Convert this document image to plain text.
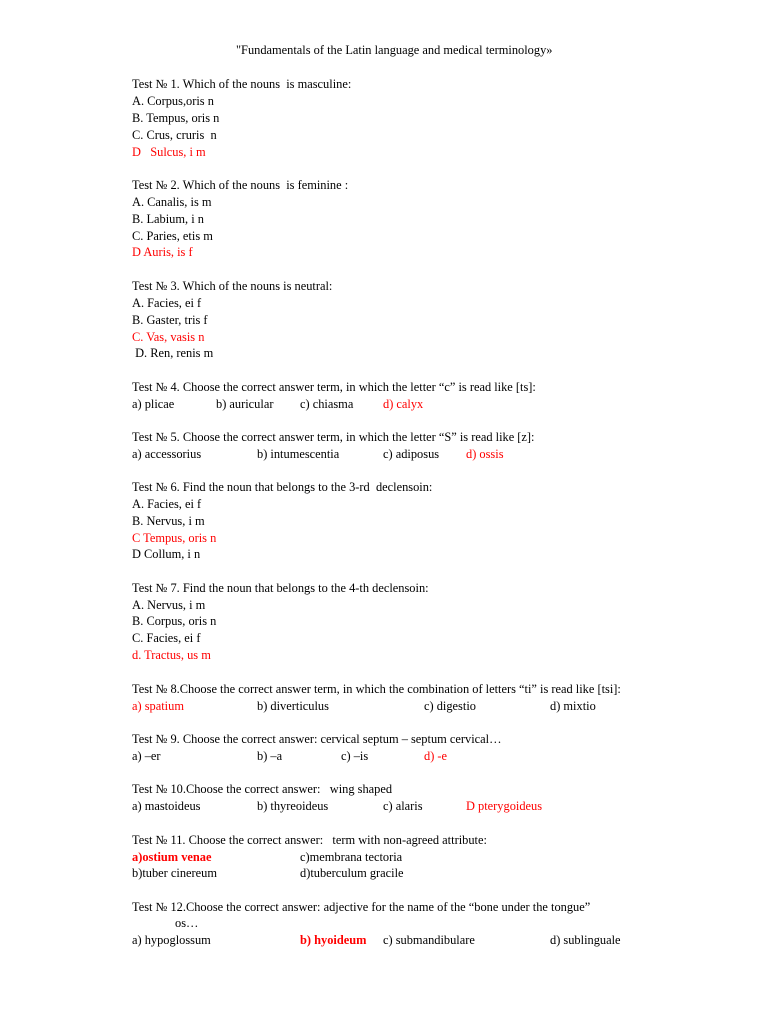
"Fundamentals of the Latin language and medical terminology»
Test № 1. Which of the nouns  is masculine:
A. Corpus,oris n
B. Tempus, oris n
C. Crus, cruris  n
D   Sulcus, i m
Test № 2. Which of the nouns  is feminine :
A. Canalis, is m
B. Labium, i n
C. Paries, etis m
D Auris, is f
Test № 3. Which of the nouns is neutral:
A. Facies, ei f
B. Gaster, tris f
C. Vas, vasis n
D. Ren, renis m
Test № 4. Choose the correct answer term, in which the letter “c” is read like [ts]:
a) plicae	b) auricular c) chiasma d) calyx
Test № 5. Choose the correct answer term, in which the letter “S” is read like [z]:
a) accessorius	b) intumescentia	c) adiposus d) ossis
Test № 6. Find the noun that belongs to the 3-rd  declensoin:
A. Facies, ei f
B. Nervus, i m
C Tempus, oris n
D Collum, i n
Test № 7. Find the noun that belongs to the 4-th declensoin:
A. Nervus, i m
B. Corpus, oris n
C. Facies, ei f
d. Tractus, us m
Test № 8.Choose the correct answer term, in which the combination of letters “ti” is read like [tsi]:
a) spatium	b) diverticulus	c) digestio	d) mixtio
Test № 9. Choose the correct answer: cervical septum – septum cervical…
a) –er	b) –a	c) –is	d) -e
Test № 10.Choose the correct answer:   wing shaped
a) mastoideus	b) thyreoideus	c) alaris	D pterygoideus
Test № 11. Choose the correct answer:   term with non-agreed attribute:
a)ostium venae	c)membrana tectoria
b)tuber cinereum	d)tuberculum gracile
Test № 12.Choose the correct answer: adjective for the name of the “bone under the tongue”
os…
a) hypoglossum	b) hyoideum c) submandibulare	d) sublinguale
